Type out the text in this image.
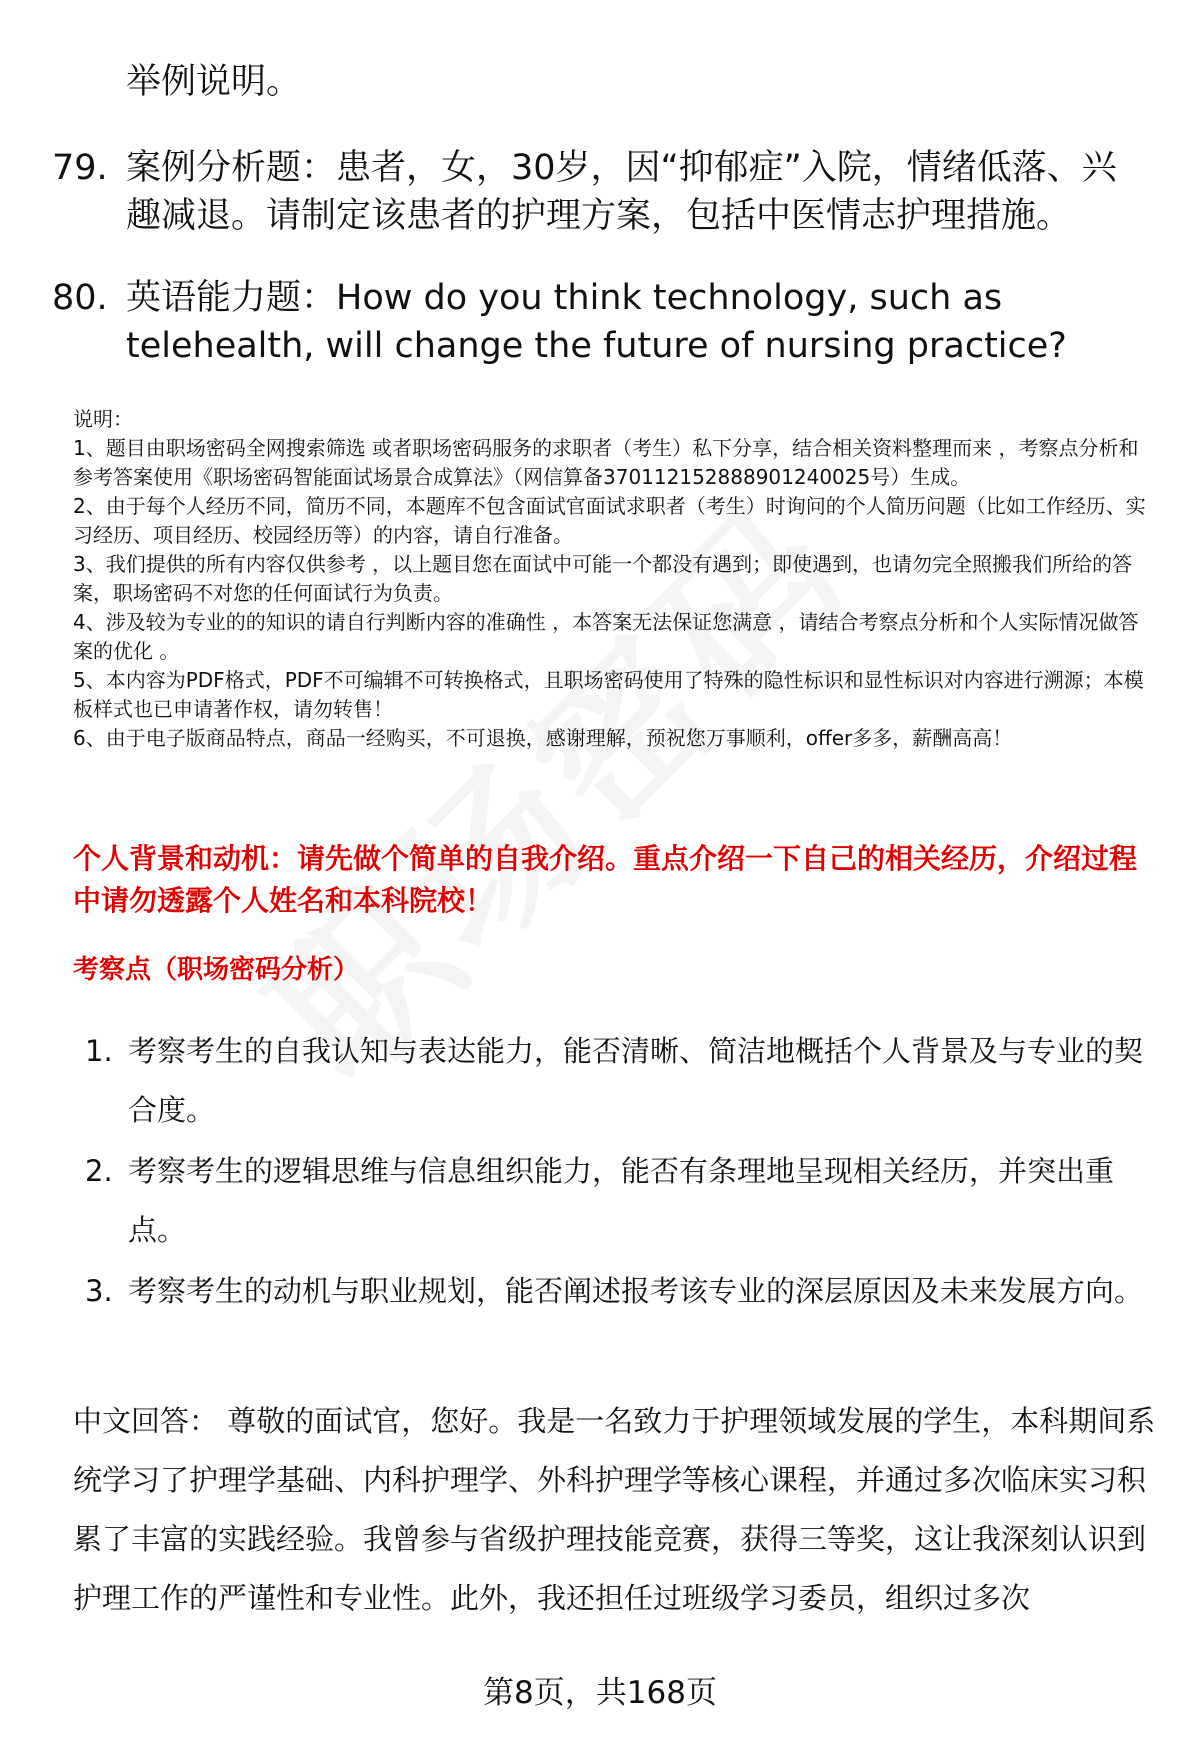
举例说明。
79. 案例分析题：患者，女，30岁，因“抑郁症”入院，情绪低落、兴趣减退。请制定该患者的护理方案，包括中医情志护理措施。
80. 英语能力题：How do you think technology, such as telehealth, will change the future of nursing practice?

说明：

1、题目由职场密码全网搜索筛选 或者职场密码服务的求职者（考生）私下分享，结合相关资料整理而来 ，考察点分析和参考答案使用《职场密码智能面试场景合成算法》（网信算备370112152888901240025号）生成。

2、由于每个人经历不同，简历不同，本题库不包含面试官面试求职者（考生）时询问的个人简历问题（比如工作经历、实习经历、项目经历、校园经历等）的内容，请自行准备。

3、我们提供的所有内容仅供参考 ，以上题目您在面试中可能一个都没有遇到；即使遇到，也请勿完全照搬我们所给的答案，职场密码不对您的任何面试行为负责。

4、涉及较为专业的的知识的请自行判断内容的准确性 ，本答案无法保证您满意 ，请结合考察点分析和个人实际情况做答案的优化 。

5、本内容为PDF格式，PDF不可编辑不可转换格式，且职场密码使用了特殊的隐性标识和显性标识对内容进行溯源；本模板样式也已申请著作权，请勿转售！

6、由于电子版商品特点，商品一经购买，不可退换，感谢理解，预祝您万事顺利，offer多多，薪酬高高！

个人背景和动机：请先做个简单的自我介绍。重点介绍一下自己的相关经历，介绍过程中请勿透露个人姓名和本科院校！
考察点（职场密码分析）
1. 考察考生的自我认知与表达能力，能否清晰、简洁地概括个人背景及与专业的契合度。
2. 考察考生的逻辑思维与信息组织能力，能否有条理地呈现相关经历，并突出重点。
3. 考察考生的动机与职业规划，能否阐述报考该专业的深层原因及未来发展方向。
中文回答： 尊敬的面试官，您好。我是一名致力于护理领域发展的学生，本科期间系统学习了护理学基础、内科护理学、外科护理学等核心课程，并通过多次临床实习积累了丰富的实践经验。我曾参与省级护理技能竞赛，获得三等奖，这让我深刻认识到护理工作的严谨性和专业性。此外，我还担任过班级学习委员，组织过多次
第8页，共168页
